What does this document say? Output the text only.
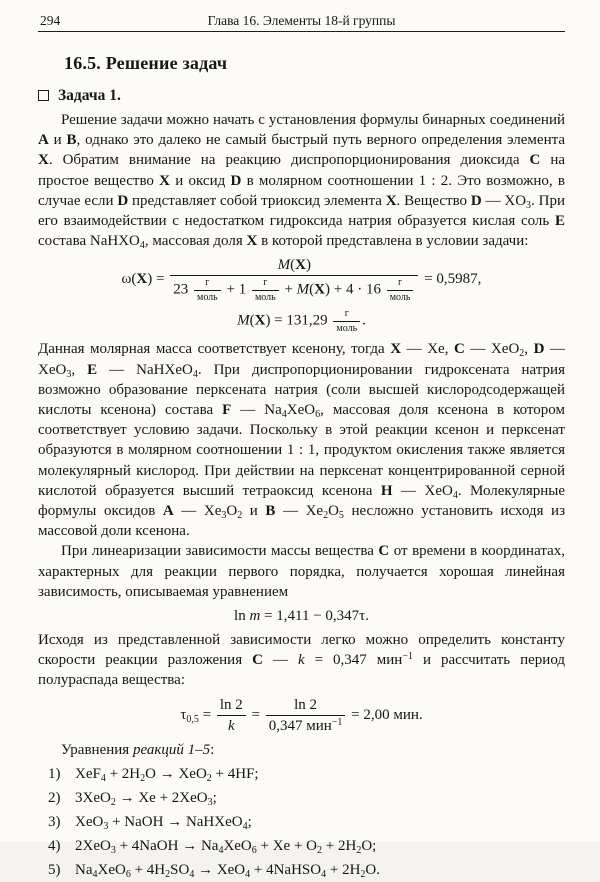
294	Глава 16. Элементы 18-й группы
16.5. Решение задач
Задача 1.

Решение задачи можно начать с установления формулы бинарных соединений A и B, однако это далеко не самый быстрый путь верного определения элемента X. Обратим внимание на реакцию диспропорционирования диоксида C на простое вещество X и оксид D в молярном соотношении 1 : 2. Это возможно, в случае если D представляет собой триоксид элемента X. Вещество D — $XO_3$. При его взаимодействии с недостатком гидроксида натрия образуется кислая соль E состава NaHXO$_4$, массовая доля X в которой представлена в условии задачи:

$\omega(X) = \frac{M(X)}{23 \frac{г}{\text{моль}} + 1 \frac{г}{\text{моль}} + M(X) + 4 \cdot 16 \frac{г}{\text{моль}}} = 0,5987$,
$M(X) = 131,29 \frac{г}{\text{моль}}$ .

Данная молярная масса соответствует ксенону, тогда X — Xe, C — XeO$_2$, D — XeO$_3$, E — NaHXeO$_4$. При диспропорционировании гидроксената натрия возможно образование перксената натрия (соли высшей кислородсодержащей кислоты ксенона) состава F — $Na_4XeO_6$, массовая доля ксенона в котором соответствует условию задачи. Поскольку в этой реакции ксенон и перксенат образуются в молярном соотношении 1 : 1, продуктом окисления также является молекулярный кислород. При действии на перксенат концентрированной серной кислотой образуется высший тетраоксид ксенона H — XeO$_4$. Молекулярные формулы оксидов A — $Xe_3O_2$ и B — $Xe_2O_5$ несложно установить исходя из массовой доли ксенона.

При линеаризации зависимости массы вещества C от времени в координатах, характерных для реакции первого порядка, получается хорошая линейная зависимость, описываемая уравнением

ln m = 1,411 − 0,347τ.

Исходя из представленной зависимости легко можно определить константу скорости реакции разложения C — k = 0,347 мин$^{-1}$ и рассчитать период полураспада вещества:

$\tau_{0,5} = \frac{\ln 2}{k} = \frac{\ln 2}{0,347 мин^{-1}} = 2,00$ мин.

Уравнения реакций 1–5:

1) $XeF_4 + 2H_2O \to XeO_2 + 4HF$;
2) 3XeO$_2$ → Xe + 2XeO$_3$;
3) XeO$_3$ + NaOH → NaHXeO$_4$;
4) 2XeO$_3$ + 4NaOH → $Na_4XeO_6 + Xe + O_2 + 2H_2O$;
5) $Na_4XeO_6 + 4H_2SO_4 \to XeO_4$ + 4NaHSO$_4$ + $2H_2O$.
